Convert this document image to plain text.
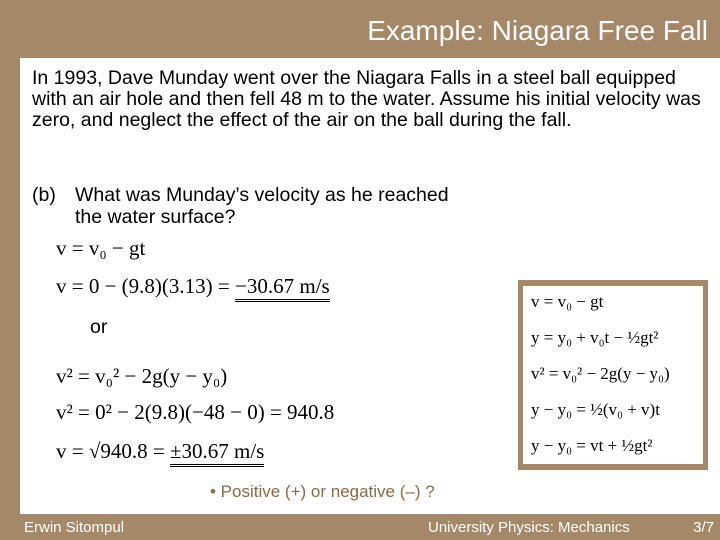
Example: Niagara Free Fall
In 1993, Dave Munday went over the Niagara Falls in a steel ball equipped with an air hole and then fell 48 m to the water. Assume his initial velocity was zero, and neglect the effect of the air on the ball during the fall.
(b) What was Munday’s velocity as he reached the water surface?
v = v₀ − gt
v = 0 − (9.8)(3.13) = −30.67 m/s
or
v² = v₀² − 2g(y − y₀)
v² = 0² − 2(9.8)(−48 − 0) = 940.8
v = √940.8 = ±30.67 m/s
v = v₀ − gt
y = y₀ + v₀t − ½gt²
v² = v₀² − 2g(y − y₀)
y − y₀ = ½(v₀ + v)t
y − y₀ = vt + ½gt²
• Positive (+) or negative (–) ?
Erwin Sitompul	University Physics: Mechanics	3/7
